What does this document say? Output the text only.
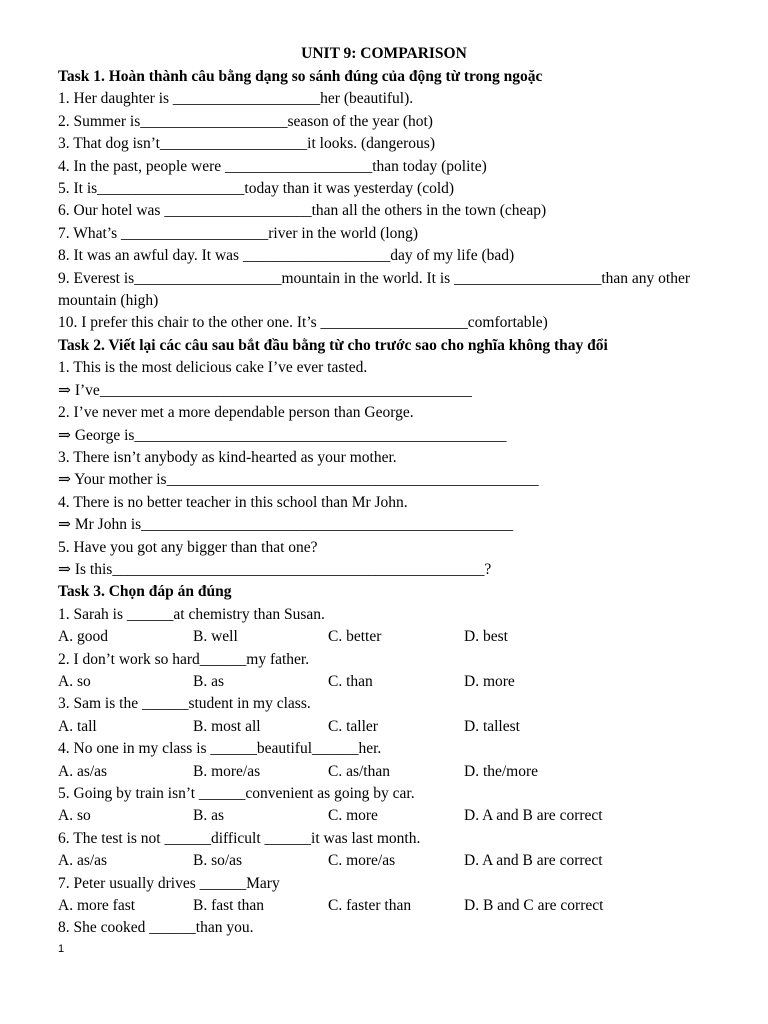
UNIT 9: COMPARISON
Task 1. Hoàn thành câu bằng dạng so sánh đúng của động từ trong ngoặc
1. Her daughter is ___________________her (beautiful).
2. Summer is___________________season of the year (hot)
3. That dog isn’t___________________it looks. (dangerous)
4. In the past, people were ___________________than today (polite)
5. It is___________________today than it was yesterday (cold)
6. Our hotel was ___________________than all the others in the town (cheap)
7. What’s ___________________river in the world (long)
8. It was an awful day. It was ___________________day of my life (bad)
9. Everest is___________________mountain in the world. It is ___________________than any other mountain (high)
10. I prefer this chair to the other one. It’s ___________________comfortable)
Task 2. Viết lại các câu sau bắt đầu bằng từ cho trước sao cho nghĩa không thay đổi
1. This is the most delicious cake I’ve ever tasted.
⇒ I’ve________________________________________________
2. I’ve never met a more dependable person than George.
⇒ George is________________________________________________
3. There isn’t anybody as kind-hearted as your mother.
⇒ Your mother is________________________________________________
4. There is no better teacher in this school than Mr John.
⇒ Mr John is________________________________________________
5. Have you got any bigger than that one?
⇒ Is this________________________________________________?
Task 3. Chọn đáp án đúng
1. Sarah is ______at chemistry than Susan.
A. good	B. well	C. better	D. best
2. I don’t work so hard______my father.
A. so	B. as	C. than	D. more
3. Sam is the ______student in my class.
A. tall	B. most all	C. taller	D. tallest
4. No one in my class is ______beautiful______her.
A. as/as	B. more/as	C. as/than	D. the/more
5. Going by train isn’t ______convenient as going by car.
A. so	B. as	C. more	D. A and B are correct
6. The test is not ______difficult ______it was last month.
A. as/as	B. so/as	C. more/as	D. A and B are correct
7. Peter usually drives ______Mary
A. more fast	B. fast than	C. faster than	D. B and C are correct
8. She cooked ______than you.
1
